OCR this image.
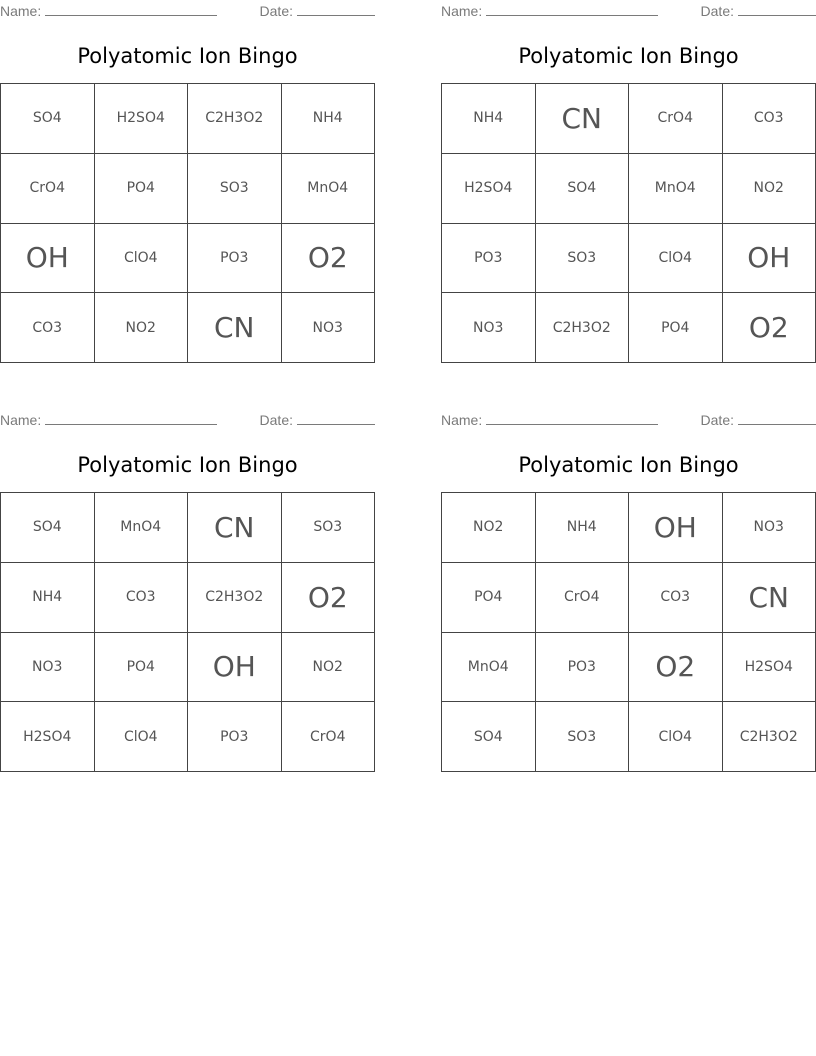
Name:	Date:
Polyatomic Ion Bingo
SO4	H2SO4	C2H3O2	NH4
CrO4	PO4	SO3	MnO4
OH	ClO4	PO3	O2
CO3	NO2	CN	NO3
Name:	Date:
Polyatomic Ion Bingo
NH4	CN	CrO4	CO3
H2SO4	SO4	MnO4	NO2
PO3	SO3	ClO4	OH
NO3	C2H3O2	PO4	O2
Name:	Date:
Polyatomic Ion Bingo
SO4	MnO4	CN	SO3
NH4	CO3	C2H3O2	O2
NO3	PO4	OH	NO2
H2SO4	ClO4	PO3	CrO4
Name:	Date:
Polyatomic Ion Bingo
NO2	NH4	OH	NO3
PO4	CrO4	CO3	CN
MnO4	PO3	O2	H2SO4
SO4	SO3	ClO4	C2H3O2
